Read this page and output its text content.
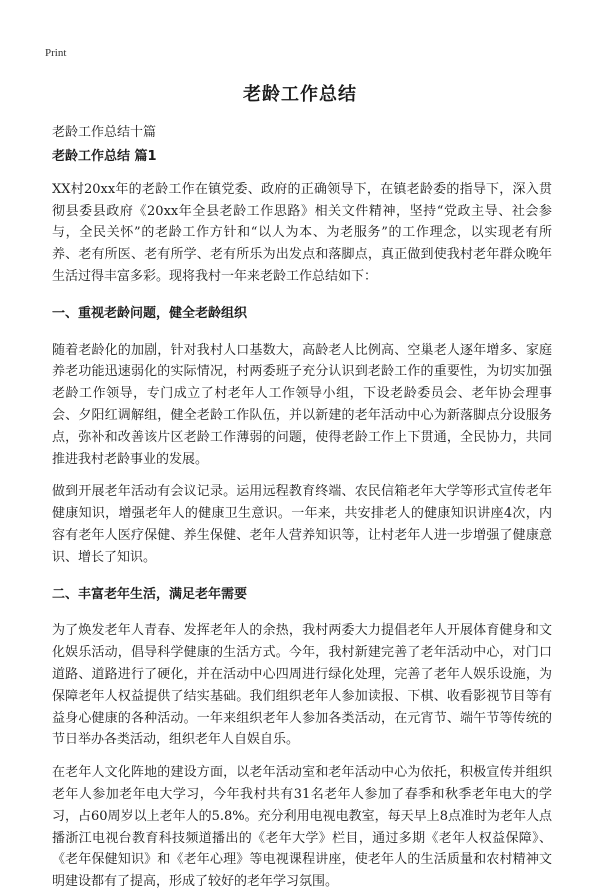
Print
老龄工作总结

老龄工作总结十篇

老龄工作总结 篇1

XX村20xx年的老龄工作在镇党委、政府的正确领导下，在镇老龄委的指导下，深入贯彻县委县政府《20xx年全县老龄工作思路》相关文件精神，坚持“党政主导、社会参与，全民关怀”的老龄工作方针和“以人为本、为老服务”的工作理念，以实现老有所养、老有所医、老有所学、老有所乐为出发点和落脚点，真正做到使我村老年群众晚年生活过得丰富多彩。现将我村一年来老龄工作总结如下：

一、重视老龄问题，健全老龄组织

随着老龄化的加剧，针对我村人口基数大，高龄老人比例高、空巢老人逐年增多、家庭养老功能迅速弱化的实际情况，村两委班子充分认识到老龄工作的重要性，为切实加强老龄工作领导，专门成立了村老年人工作领导小组，下设老龄委员会、老年协会理事会、夕阳红调解组，健全老龄工作队伍，并以新建的老年活动中心为新落脚点分设服务点，弥补和改善该片区老龄工作薄弱的问题，使得老龄工作上下贯通，全民协力，共同推进我村老龄事业的发展。

做到开展老年活动有会议记录。运用远程教育终端、农民信箱老年大学等形式宣传老年健康知识，增强老年人的健康卫生意识。一年来，共安排老人的健康知识讲座4次，内容有老年人医疗保健、养生保健、老年人营养知识等，让村老年人进一步增强了健康意识、增长了知识。

二、丰富老年生活，满足老年需要

为了焕发老年人青春、发挥老年人的余热，我村两委大力提倡老年人开展体育健身和文化娱乐活动，倡导科学健康的生活方式。今年，我村新建完善了老年活动中心，对门口道路、道路进行了硬化，并在活动中心四周进行绿化处理，完善了老年人娱乐设施，为保障老年人权益提供了结实基础。我们组织老年人参加读报、下棋、收看影视节目等有益身心健康的各种活动。一年来组织老年人参加各类活动，在元宵节、端午节等传统的节日举办各类活动，组织老年人自娱自乐。

在老年人文化阵地的建设方面，以老年活动室和老年活动中心为依托，积极宣传并组织老年人参加老年电大学习，今年我村共有31名老年人参加了春季和秋季老年电大的学习，占60周岁以上老年人的5.8%。充分利用电视电教室，每天早上8点准时为老年人点播浙江电视台教育科技频道播出的《老年大学》栏目，通过多期《老年人权益保障》、《老年保健知识》和《老年心理》等电视课程讲座，使老年人的生活质量和农村精神文明建设都有了提高，形成了较好的老年学习氛围。
